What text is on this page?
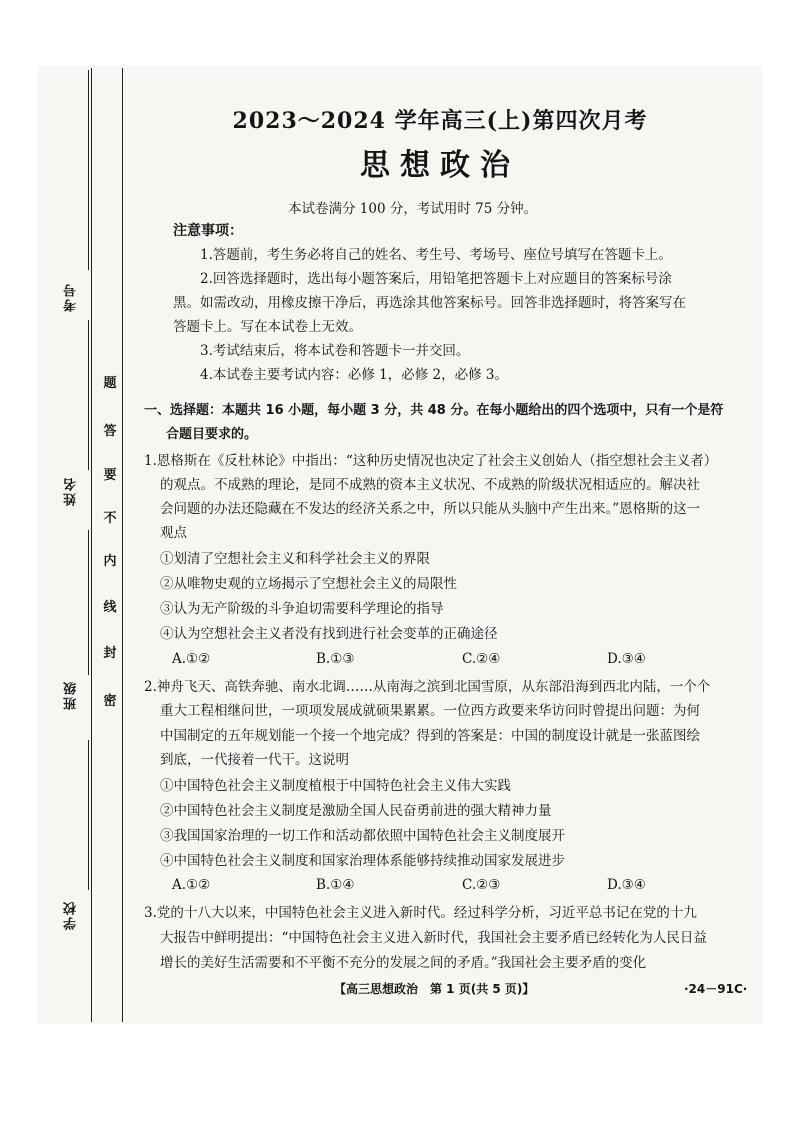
考号
姓名
班级
学校
密
封
线
内
不
要
答
题
2023～2024 学年高三(上)第四次月考
思想政治
本试卷满分 100 分，考试用时 75 分钟。
注意事项：
1.答题前，考生务必将自己的姓名、考生号、考场号、座位号填写在答题卡上。
2.回答选择题时，选出每小题答案后，用铅笔把答题卡上对应题目的答案标号涂
黑。如需改动，用橡皮擦干净后，再选涂其他答案标号。回答非选择题时，将答案写在
答题卡上。写在本试卷上无效。
3.考试结束后，将本试卷和答题卡一并交回。
4.本试卷主要考试内容：必修 1，必修 2，必修 3。
一、选择题：本题共 16 小题，每小题 3 分，共 48 分。在每小题给出的四个选项中，只有一个是符
合题目要求的。
1.恩格斯在《反杜林论》中指出：“这种历史情况也决定了社会主义创始人（指空想社会主义者）
的观点。不成熟的理论，是同不成熟的资本主义状况、不成熟的阶级状况相适应的。解决社
会问题的办法还隐藏在不发达的经济关系之中，所以只能从头脑中产生出来。”恩格斯的这一
观点
①划清了空想社会主义和科学社会主义的界限
②从唯物史观的立场揭示了空想社会主义的局限性
③认为无产阶级的斗争迫切需要科学理论的指导
④认为空想社会主义者没有找到进行社会变革的正确途径
A.①②	B.①③	C.②④	D.③④
2.神舟飞天、高铁奔驰、南水北调……从南海之滨到北国雪原，从东部沿海到西北内陆，一个个
重大工程相继问世，一项项发展成就硕果累累。一位西方政要来华访问时曾提出问题：为何
中国制定的五年规划能一个接一个地完成？得到的答案是：中国的制度设计就是一张蓝图绘
到底，一代接着一代干。这说明
①中国特色社会主义制度植根于中国特色社会主义伟大实践
②中国特色社会主义制度是激励全国人民奋勇前进的强大精神力量
③我国国家治理的一切工作和活动都依照中国特色社会主义制度展开
④中国特色社会主义制度和国家治理体系能够持续推动国家发展进步
A.①②	B.①④	C.②③	D.③④
3.党的十八大以来，中国特色社会主义进入新时代。经过科学分析，习近平总书记在党的十九
大报告中鲜明提出：“中国特色社会主义进入新时代，我国社会主要矛盾已经转化为人民日益
增长的美好生活需要和不平衡不充分的发展之间的矛盾。”我国社会主要矛盾的变化
【高三思想政治　第 1 页(共 5 页)】	·24－91C·
